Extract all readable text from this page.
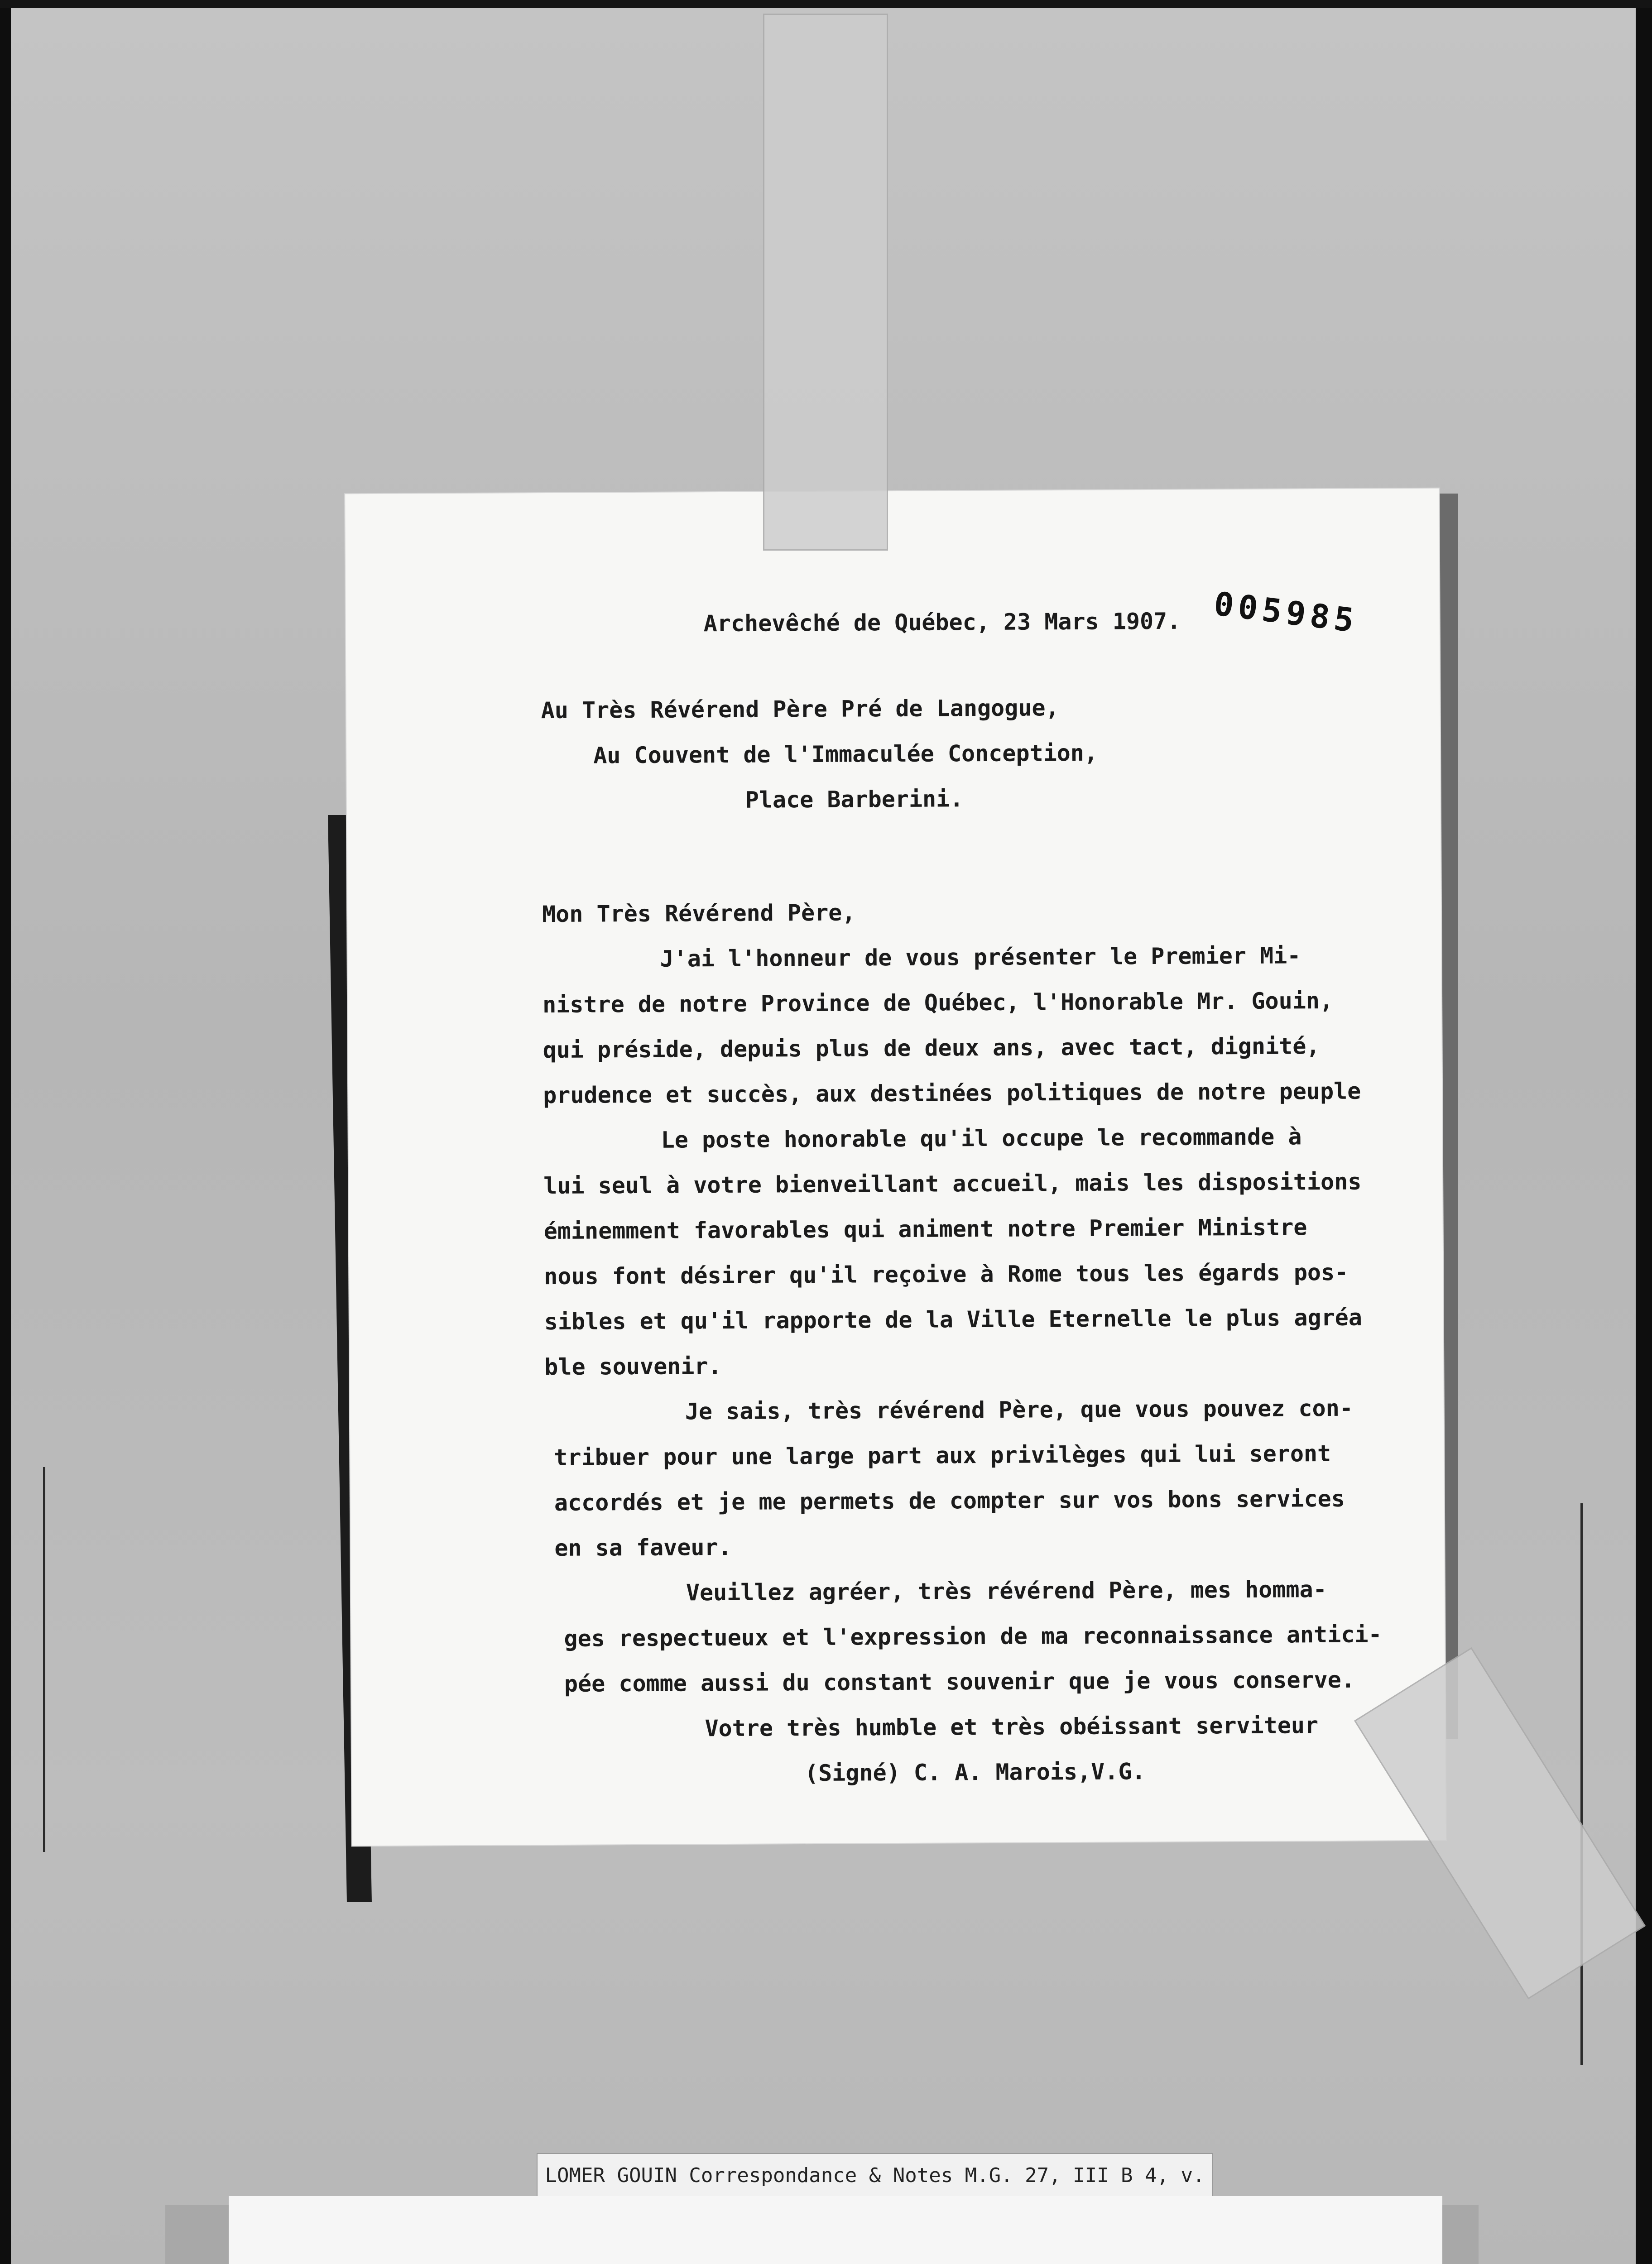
Archevêché de Québec, 23 Mars 1907.
Au Très Révérend Père Pré de Langogue,
Au Couvent de l'Immaculée Conception,
Place Barberini.
Mon Très Révérend Père,
J'ai l'honneur de vous présenter le Premier Mi-
nistre de notre Province de Québec, l'Honorable Mr. Gouin,
qui préside, depuis plus de deux ans, avec tact, dignité,
prudence et succès, aux destinées politiques de notre peuple
Le poste honorable qu'il occupe le recommande à
lui seul à votre bienveillant accueil, mais les dispositions
éminemment favorables qui animent notre Premier Ministre
nous font désirer qu'il reçoive à Rome tous les égards pos-
sibles et qu'il rapporte de la Ville Eternelle le plus agréa
ble souvenir.
Je sais, très révérend Père, que vous pouvez con-
tribuer pour une large part aux privilèges qui lui seront
accordés et je me permets de compter sur vos bons services
en sa faveur.
Veuillez agréer, très révérend Père, mes homma-
ges respectueux et l'expression de ma reconnaissance antici-
pée comme aussi du constant souvenir que je vous conserve.
Votre très humble et très obéissant serviteur
(Signé) C. A. Marois,V.G.
005985
LOMER GOUIN Correspondance & Notes M.G. 27, III B 4, v.
